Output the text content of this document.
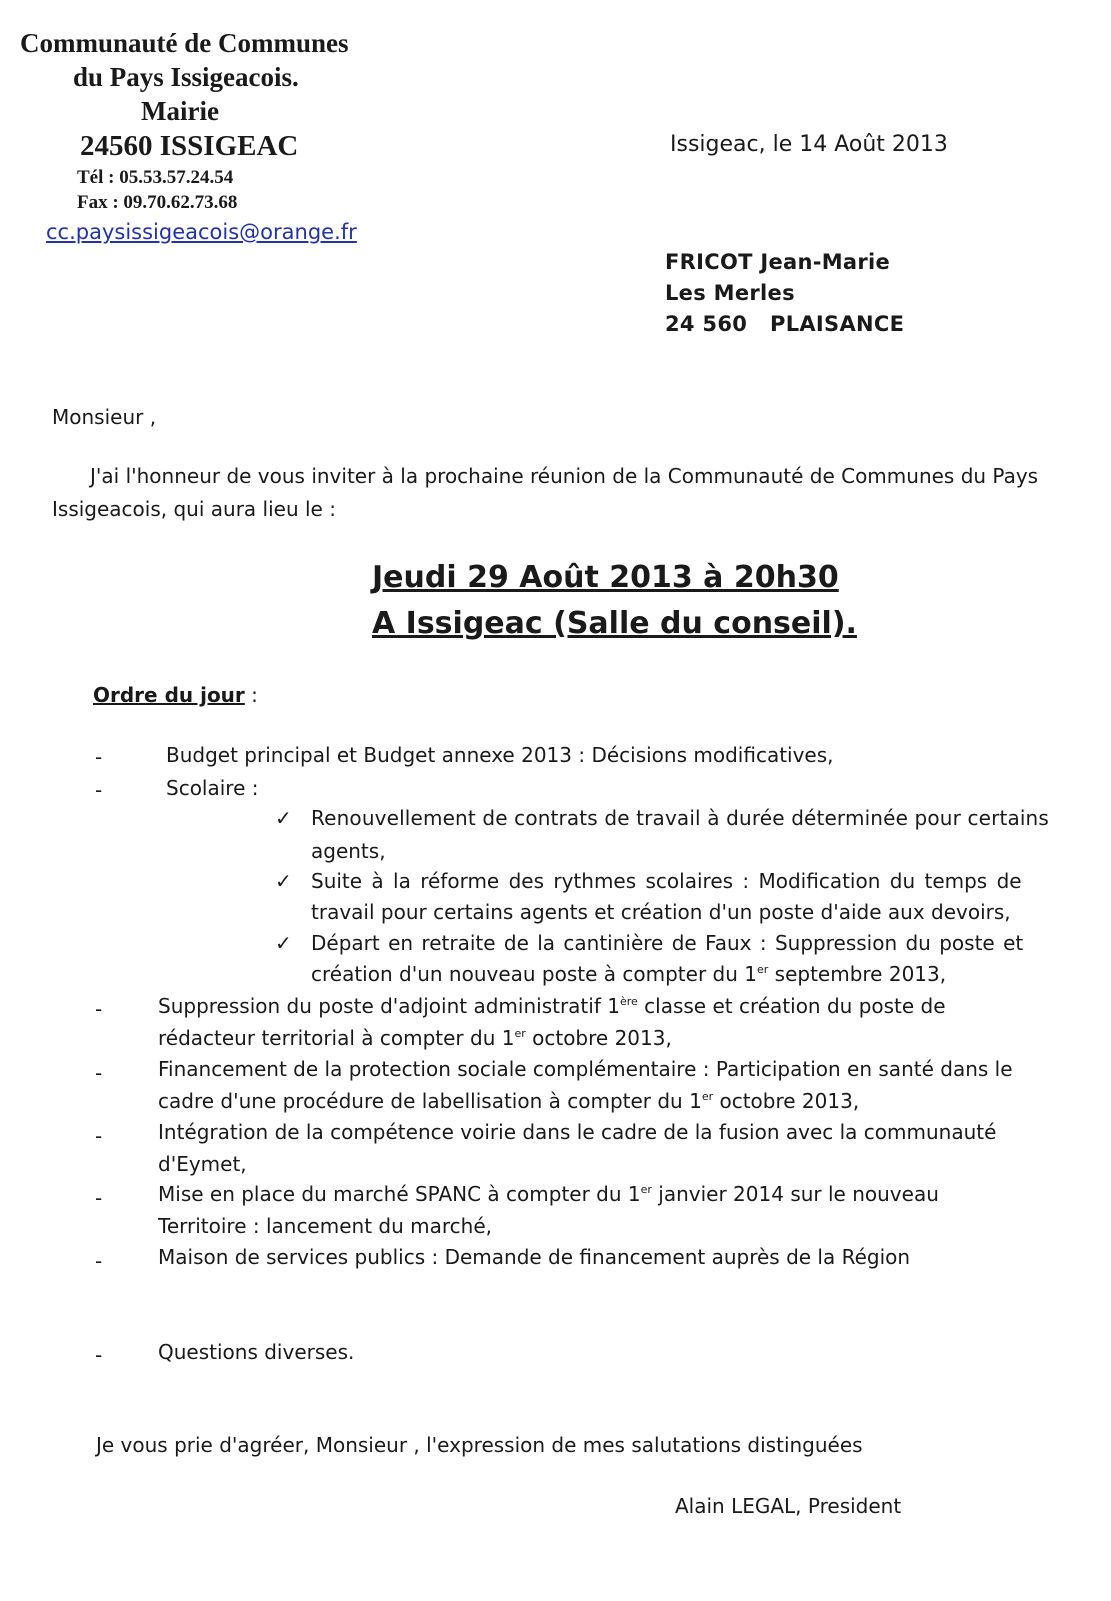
Communauté de Communes
du Pays Issigeacois.
Mairie
24560 ISSIGEAC
Tél : 05.53.57.24.54
Fax : 09.70.62.73.68
cc.paysissigeacois@orange.fr
Issigeac, le 14 Août 2013
FRICOT Jean-Marie
Les Merles
24 560   PLAISANCE
Monsieur ,
J'ai l'honneur de vous inviter à la prochaine réunion de la Communauté de Communes du Pays
Issigeacois, qui aura lieu le :
Jeudi 29 Août 2013 à 20h30
A Issigeac (Salle du conseil).
Ordre du jour :
-	Budget principal et Budget annexe 2013 : Décisions modificatives,
-	Scolaire :
✓ Renouvellement de contrats de travail à durée déterminée pour certains
agents,
✓ Suite à la réforme des rythmes scolaires : Modification du temps de
travail pour certains agents et création d'un poste d'aide aux devoirs,
✓ Départ en retraite de la cantinière de Faux : Suppression du poste et
création d'un nouveau poste à compter du 1er septembre 2013,
-	Suppression du poste d'adjoint administratif 1ère classe et création du poste de
rédacteur territorial à compter du 1er octobre 2013,
-	Financement de la protection sociale complémentaire : Participation en santé dans le
cadre d'une procédure de labellisation à compter du 1er octobre 2013,
-	Intégration de la compétence voirie dans le cadre de la fusion avec la communauté
d'Eymet,
-	Mise en place du marché SPANC à compter du 1er janvier 2014 sur le nouveau
Territoire : lancement du marché,
-	Maison de services publics : Demande de financement auprès de la Région
-	Questions diverses.
Je vous prie d'agréer, Monsieur , l'expression de mes salutations distinguées
Alain LEGAL, President
